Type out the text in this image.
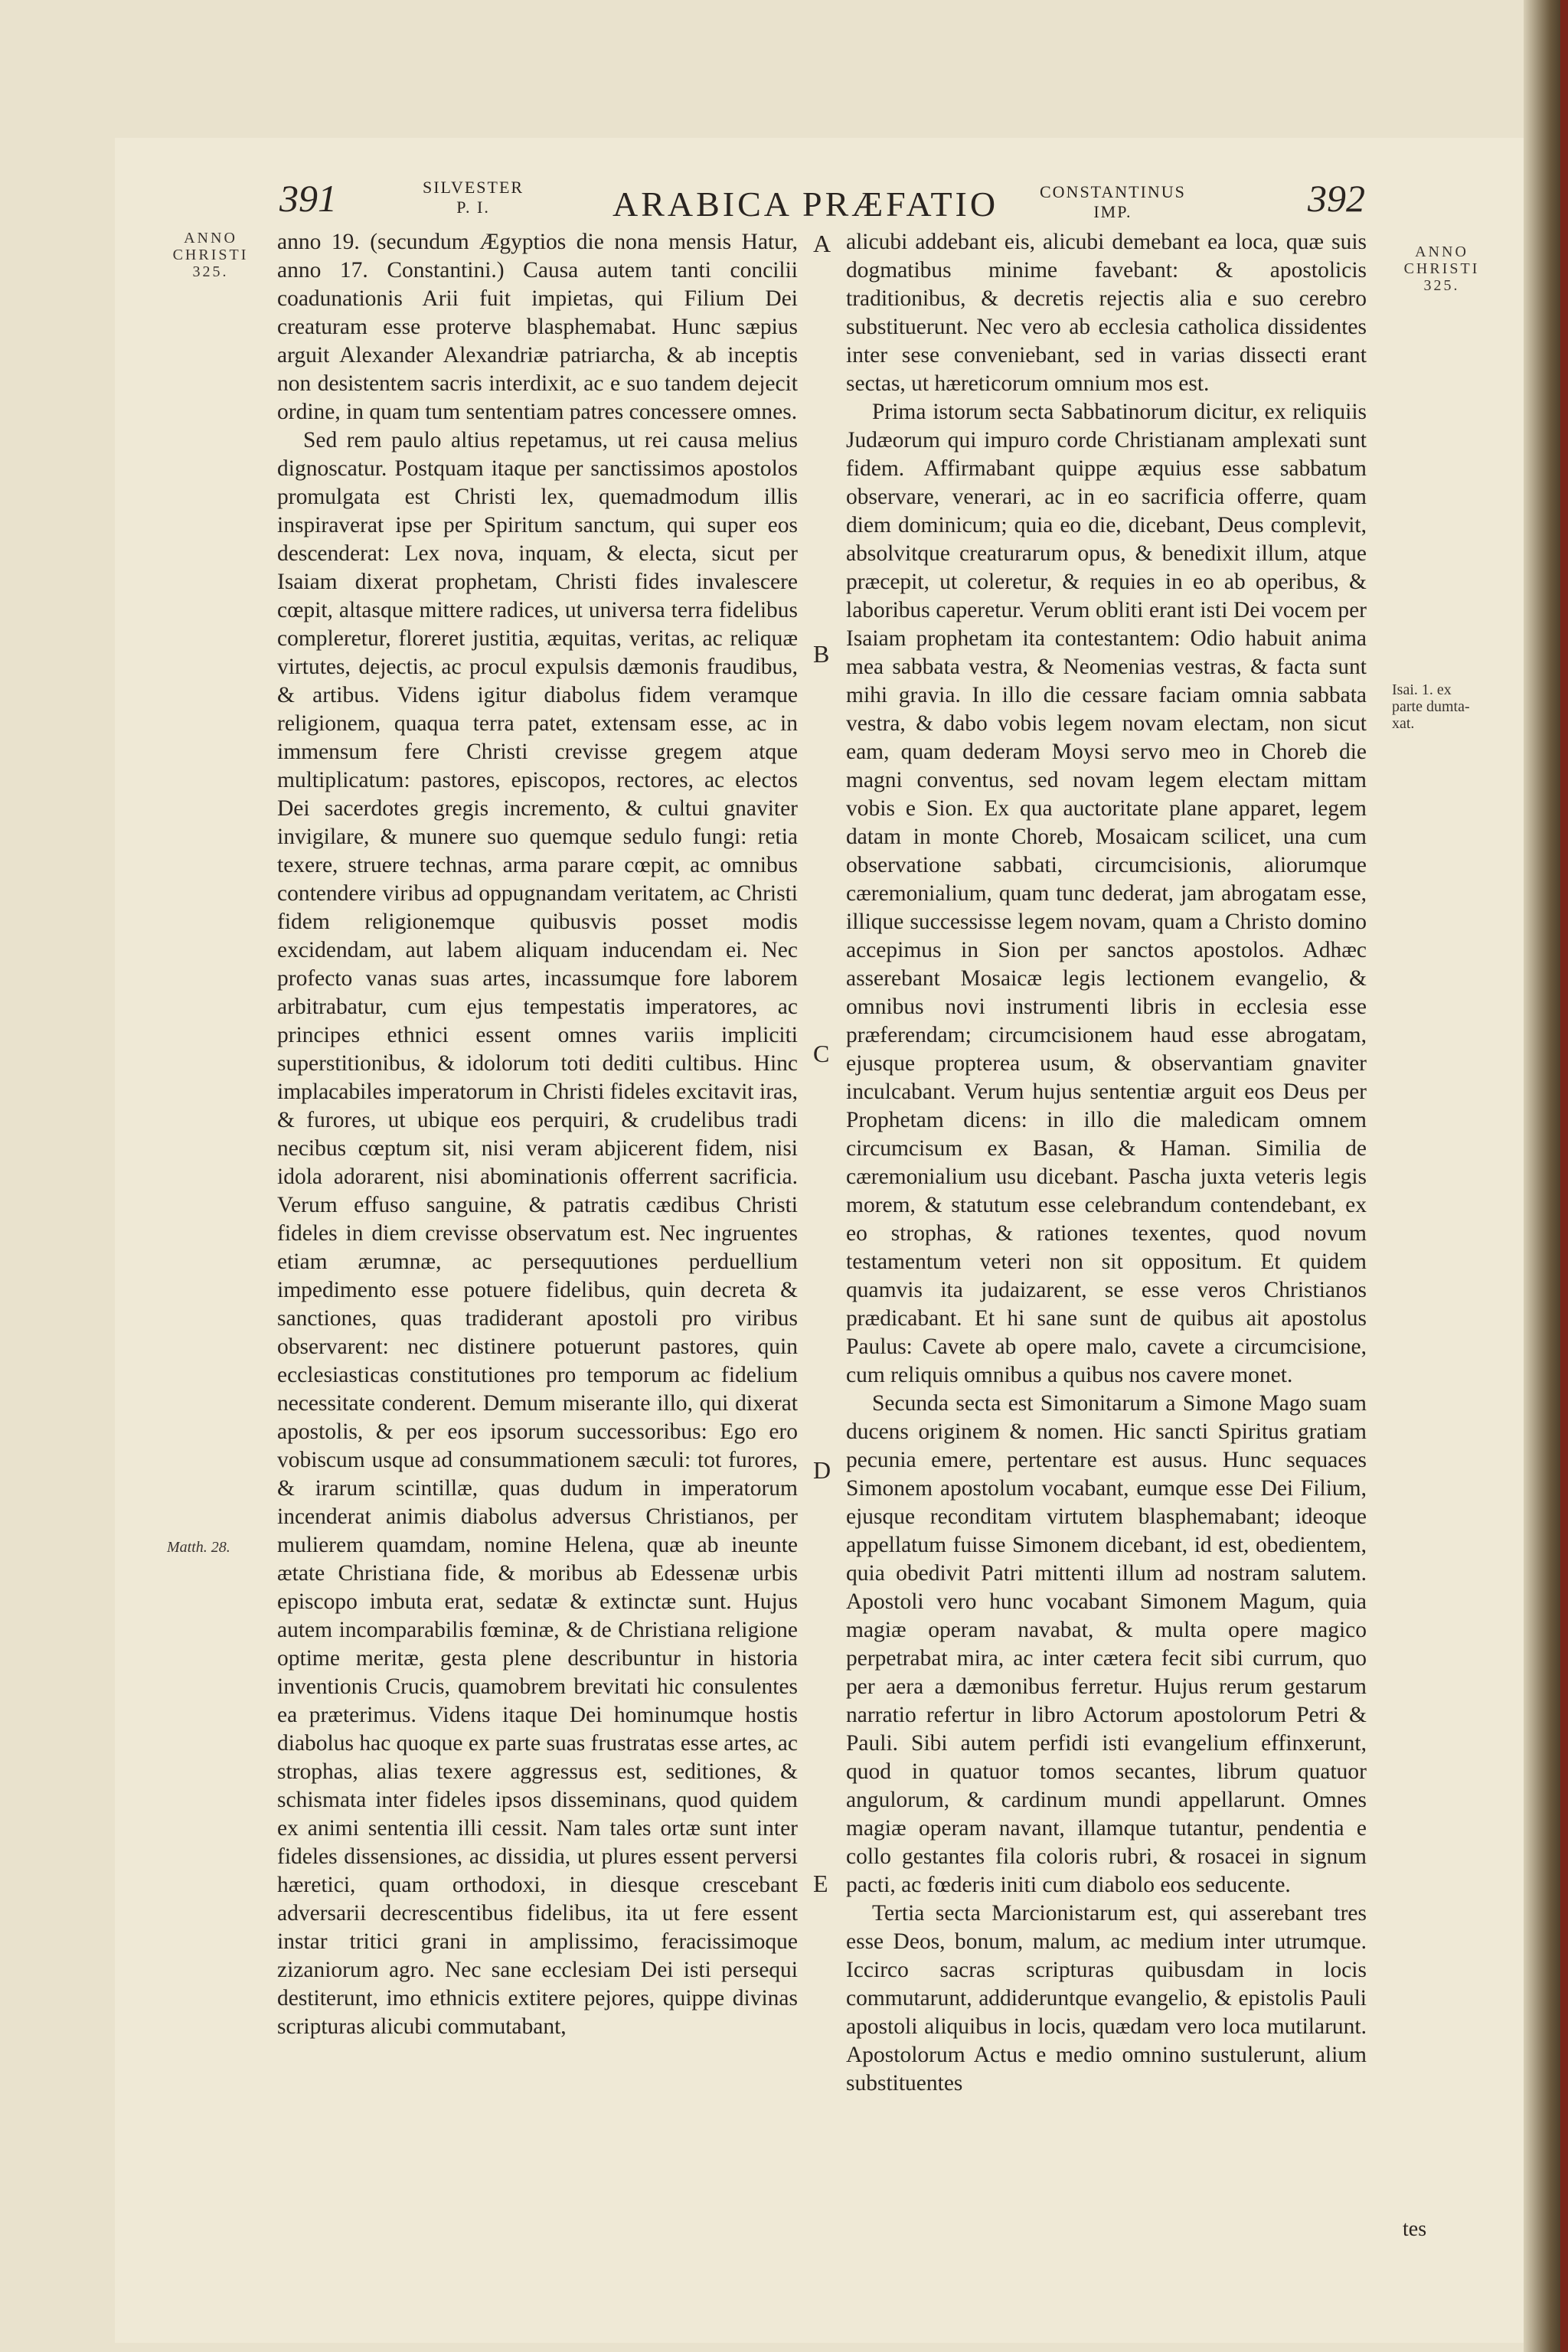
391	SILVESTER
P. I.	ARABICA PRÆFATIO CONSTANTINUS
IMP.	392
ANNO
CHRISTI
325.
ANNO
CHRISTI
325.
Matth. 28.
Isai. 1. ex
parte dumta-
xat.
A
B
C
D
E

anno 19. (secundum Ægyptios die nona mensis Hatur, anno 17. Constantini.) Causa autem tanti concilii coadunationis Arii fuit impietas, qui Filium Dei creaturam esse proterve blasphemabat. Hunc sæpius arguit Alexander Alexandriæ patriarcha, & ab inceptis non desistentem sacris interdixit, ac e suo tandem dejecit ordine, in quam tum sententiam patres concessere omnes.

Sed rem paulo altius repetamus, ut rei causa melius dignoscatur. Postquam itaque per sanctissimos apostolos promulgata est Christi lex, quemadmodum illis inspiraverat ipse per Spiritum sanctum, qui super eos descenderat: Lex nova, inquam, & electa, sicut per Isaiam dixerat prophetam, Christi fides invalescere cœpit, altasque mittere radices, ut universa terra fidelibus compleretur, floreret justitia, æquitas, veritas, ac reliquæ virtutes, dejectis, ac procul expulsis dæmonis fraudibus, & artibus. Videns igitur diabolus fidem veramque religionem, quaqua terra patet, extensam esse, ac in immensum fere Christi crevisse gregem atque multiplicatum: pastores, episcopos, rectores, ac electos Dei sacerdotes gregis incremento, & cultui gnaviter invigilare, & munere suo quemque sedulo fungi: retia texere, struere technas, arma parare cœpit, ac omnibus contendere viribus ad oppugnandam veritatem, ac Christi fidem religionemque quibusvis posset modis excidendam, aut labem aliquam inducendam ei. Nec profecto vanas suas artes, incassumque fore laborem arbitrabatur, cum ejus tempestatis imperatores, ac principes ethnici essent omnes variis impliciti superstitionibus, & idolorum toti dediti cultibus. Hinc implacabiles imperatorum in Christi fideles excitavit iras, & furores, ut ubique eos perquiri, & crudelibus tradi necibus cœptum sit, nisi veram abjicerent fidem, nisi idola adorarent, nisi abominationis offerrent sacrificia. Verum effuso sanguine, & patratis cædibus Christi fideles in diem crevisse observatum est. Nec ingruentes etiam ærumnæ, ac persequutiones perduellium impedimento esse potuere fidelibus, quin decreta & sanctiones, quas tradiderant apostoli pro viribus observarent: nec distinere potuerunt pastores, quin ecclesiasticas constitutiones pro temporum ac fidelium necessitate conderent. Demum miserante illo, qui dixerat apostolis, & per eos ipsorum successoribus: Ego ero vobiscum usque ad consummationem sæculi: tot furores, & irarum scintillæ, quas dudum in imperatorum incenderat animis diabolus adversus Christianos, per mulierem quamdam, nomine Helena, quæ ab ineunte ætate Christiana fide, & moribus ab Edessenæ urbis episcopo imbuta erat, sedatæ & extinctæ sunt. Hujus autem incomparabilis fœminæ, & de Christiana religione optime meritæ, gesta plene describuntur in historia inventionis Crucis, quamobrem brevitati hic consulentes ea præterimus. Videns itaque Dei hominumque hostis diabolus hac quoque ex parte suas frustratas esse artes, ac strophas, alias texere aggressus est, seditiones, & schismata inter fideles ipsos disseminans, quod quidem ex animi sententia illi cessit. Nam tales ortæ sunt inter fideles dissensiones, ac dissidia, ut plures essent perversi hæretici, quam orthodoxi, in diesque crescebant adversarii decrescentibus fidelibus, ita ut fere essent instar tritici grani in amplissimo, feracissimoque zizaniorum agro. Nec sane ecclesiam Dei isti persequi destiterunt, imo ethnicis extitere pejores, quippe divinas scripturas alicubi commutabant,

alicubi addebant eis, alicubi demebant ea loca, quæ suis dogmatibus minime favebant: & apostolicis traditionibus, & decretis rejectis alia e suo cerebro substituerunt. Nec vero ab ecclesia catholica dissidentes inter sese conveniebant, sed in varias dissecti erant sectas, ut hæreticorum omnium mos est.

Prima istorum secta Sabbatinorum dicitur, ex reliquiis Judæorum qui impuro corde Christianam amplexati sunt fidem. Affirmabant quippe æquius esse sabbatum observare, venerari, ac in eo sacrificia offerre, quam diem dominicum; quia eo die, dicebant, Deus complevit, absolvitque creaturarum opus, & benedixit illum, atque præcepit, ut coleretur, & requies in eo ab operibus, & laboribus caperetur. Verum obliti erant isti Dei vocem per Isaiam prophetam ita contestantem: Odio habuit anima mea sabbata vestra, & Neomenias vestras, & facta sunt mihi gravia. In illo die cessare faciam omnia sabbata vestra, & dabo vobis legem novam electam, non sicut eam, quam dederam Moysi servo meo in Choreb die magni conventus, sed novam legem electam mittam vobis e Sion. Ex qua auctoritate plane apparet, legem datam in monte Choreb, Mosaicam scilicet, una cum observatione sabbati, circumcisionis, aliorumque cæremonialium, quam tunc dederat, jam abrogatam esse, illique successisse legem novam, quam a Christo domino accepimus in Sion per sanctos apostolos. Adhæc asserebant Mosaicæ legis lectionem evangelio, & omnibus novi instrumenti libris in ecclesia esse præferendam; circumcisionem haud esse abrogatam, ejusque propterea usum, & observantiam gnaviter inculcabant. Verum hujus sententiæ arguit eos Deus per Prophetam dicens: in illo die maledicam omnem circumcisum ex Basan, & Haman. Similia de cæremonialium usu dicebant. Pascha juxta veteris legis morem, & statutum esse celebrandum contendebant, ex eo strophas, & rationes texentes, quod novum testamentum veteri non sit oppositum. Et quidem quamvis ita judaizarent, se esse veros Christianos prædicabant. Et hi sane sunt de quibus ait apostolus Paulus: Cavete ab opere malo, cavete a circumcisione, cum reliquis omnibus a quibus nos cavere monet.

Secunda secta est Simonitarum a Simone Mago suam ducens originem & nomen. Hic sancti Spiritus gratiam pecunia emere, pertentare est ausus. Hunc sequaces Simonem apostolum vocabant, eumque esse Dei Filium, ejusque reconditam virtutem blasphemabant; ideoque appellatum fuisse Simonem dicebant, id est, obedientem, quia obedivit Patri mittenti illum ad nostram salutem. Apostoli vero hunc vocabant Simonem Magum, quia magiæ operam navabat, & multa opere magico perpetrabat mira, ac inter cætera fecit sibi currum, quo per aera a dæmonibus ferretur. Hujus rerum gestarum narratio refertur in libro Actorum apostolorum Petri & Pauli. Sibi autem perfidi isti evangelium effinxerunt, quod in quatuor tomos secantes, librum quatuor angulorum, & cardinum mundi appellarunt. Omnes magiæ operam navant, illamque tutantur, pendentia e collo gestantes fila coloris rubri, & rosacei in signum pacti, ac fœderis initi cum diabolo eos seducente.

Tertia secta Marcionistarum est, qui asserebant tres esse Deos, bonum, malum, ac medium inter utrumque. Iccirco sacras scripturas quibusdam in locis commutarunt, addideruntque evangelio, & epistolis Pauli apostoli aliquibus in locis, quædam vero loca mutilarunt. Apostolorum Actus e medio omnino sustulerunt, alium substituentes

tes
